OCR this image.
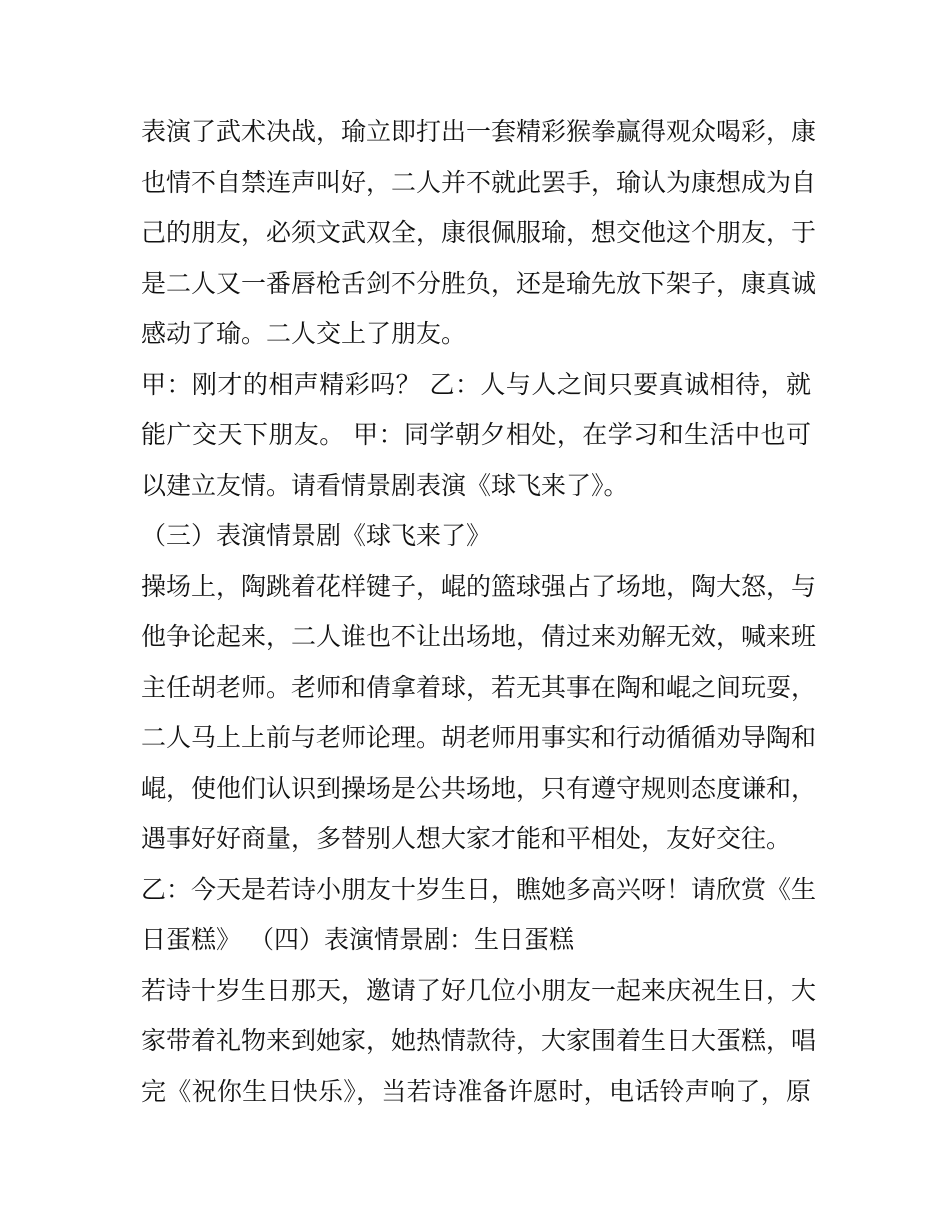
表演了武术决战，瑜立即打出一套精彩猴拳赢得观众喝彩，康
也情不自禁连声叫好，二人并不就此罢手，瑜认为康想成为自
己的朋友，必须文武双全，康很佩服瑜，想交他这个朋友，于
是二人又一番唇枪舌剑不分胜负，还是瑜先放下架子，康真诚
感动了瑜。二人交上了朋友。
甲：刚才的相声精彩吗？ 乙：人与人之间只要真诚相待，就
能广交天下朋友。 甲：同学朝夕相处，在学习和生活中也可
以建立友情。请看情景剧表演《球飞来了》。
（三）表演情景剧《球飞来了》
操场上，陶跳着花样键子，崐的篮球强占了场地，陶大怒，与
他争论起来，二人谁也不让出场地，倩过来劝解无效，喊来班
主任胡老师。老师和倩拿着球，若无其事在陶和崐之间玩耍，
二人马上上前与老师论理。胡老师用事实和行动循循劝导陶和
崐，使他们认识到操场是公共场地，只有遵守规则态度谦和，
遇事好好商量，多替别人想大家才能和平相处，友好交往。
乙：今天是若诗小朋友十岁生日，瞧她多高兴呀！请欣赏《生
日蛋糕》 （四）表演情景剧：生日蛋糕
若诗十岁生日那天，邀请了好几位小朋友一起来庆祝生日，大
家带着礼物来到她家，她热情款待，大家围着生日大蛋糕，唱
完《祝你生日快乐》，当若诗准备许愿时，电话铃声响了，原
